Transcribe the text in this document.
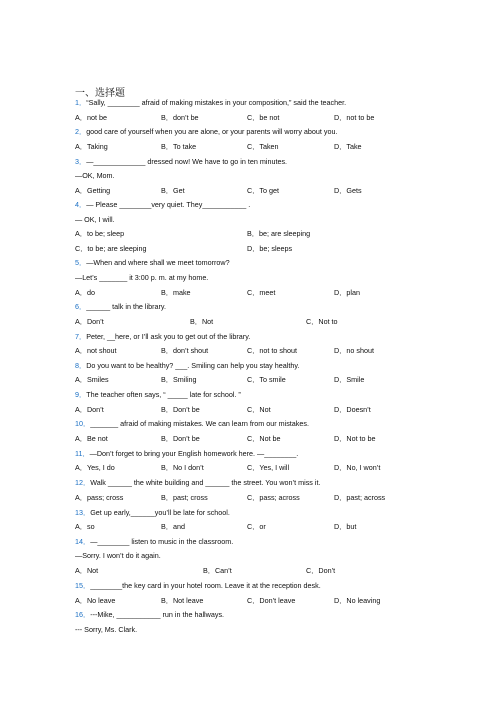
一、选择题
1．“Sally, ________ afraid of making mistakes in your composition,” said the teacher.
A．not be	B．don’t be	C．be not	D．not to be
2．good care of yourself when you are alone, or your parents will worry about you.
A．Taking	B．To take	C．Taken	D．Take
3．—_____________ dressed now! We have to go in ten minutes.
—OK, Mom.
A．Getting	B．Get	C．To get	D．Gets
4．— Please ________very quiet. They___________ .
— OK, I will.
A．to be; sleep	B．be; are sleeping
C．to be; are sleeping	D．be; sleeps
5．—When and where shall we meet tomorrow?
—Let’s _______ it 3:00 p. m. at my home.
A．do	B．make	C．meet	D．plan
6．______ talk in the library.
A．Don’t	B．Not	C．Not to
7．Peter, __here, or I’ll ask you to get out of the library.
A．not shout	B．don’t shout	C．not to shout	D．no shout
8．Do you want to be healthy? ___. Smiling can help you stay healthy.
A．Smiles	B．Smiling	C．To smile	D．Smile
9．The teacher often says, “ _____ late for school. ”
A．Don’t	B．Don’t be	C．Not	D．Doesn’t
10．_______ afraid of making mistakes. We can learn from our mistakes.
A．Be not	B．Don’t be	C．Not be	D．Not to be
11．—Don’t forget to bring your English homework here. —________.
A．Yes, I do	B．No I don’t	C．Yes, I will	D．No, I won’t
12．Walk ______ the white building and ______ the street. You won’t miss it.
A．pass; cross	B．past; cross	C．pass; across	D．past; across
13．Get up early,______you’ll be late for school.
A．so	B．and	C．or	D．but
14．—________ listen to music in the classroom.
—Sorry. I won’t do it again.
A．Not	B．Can’t	C．Don’t
15．________the key card in your hotel room. Leave it at the reception desk.
A．No leave	B．Not leave	C．Don’t leave	D．No leaving
16．---Mike, ___________ run in the hallways.
--- Sorry, Ms. Clark.
